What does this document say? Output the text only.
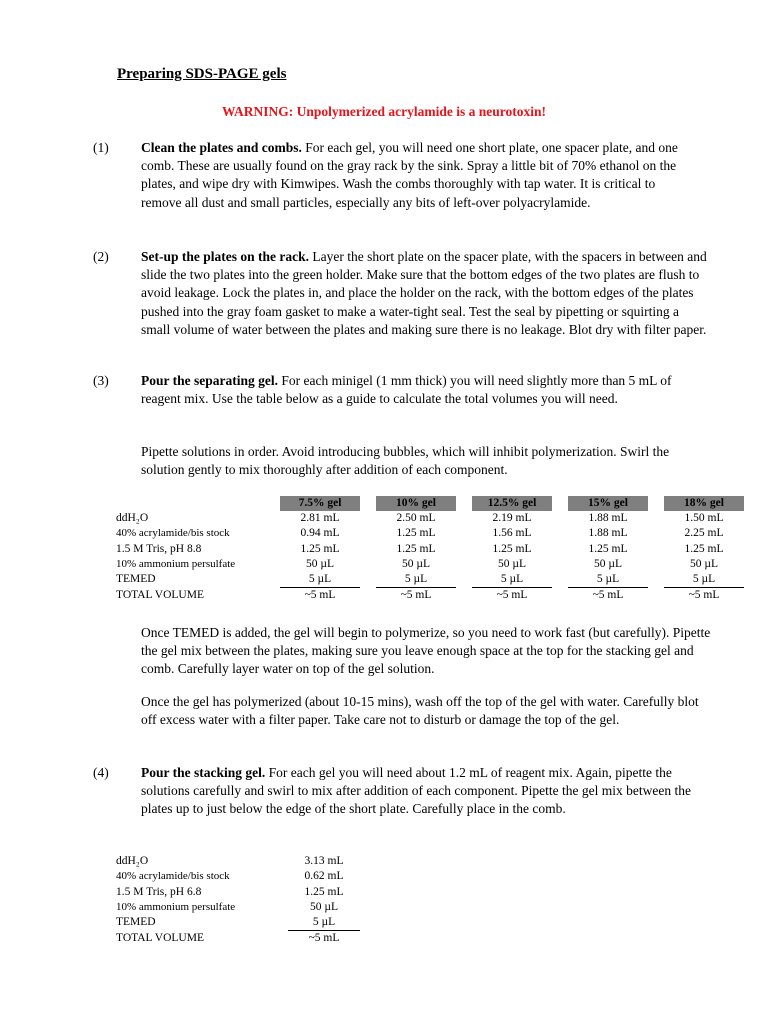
Preparing SDS-PAGE gels
WARNING: Unpolymerized acrylamide is a neurotoxin!
(1) Clean the plates and combs. For each gel, you will need one short plate, one spacer plate, and one comb. These are usually found on the gray rack by the sink. Spray a little bit of 70% ethanol on the plates, and wipe dry with Kimwipes. Wash the combs thoroughly with tap water. It is critical to remove all dust and small particles, especially any bits of left-over polyacrylamide.
(2) Set-up the plates on the rack. Layer the short plate on the spacer plate, with the spacers in between and slide the two plates into the green holder. Make sure that the bottom edges of the two plates are flush to avoid leakage. Lock the plates in, and place the holder on the rack, with the bottom edges of the plates pushed into the gray foam gasket to make a water-tight seal. Test the seal by pipetting or squirting a small volume of water between the plates and making sure there is no leakage. Blot dry with filter paper.
(3) Pour the separating gel. For each minigel (1 mm thick) you will need slightly more than 5 mL of reagent mix. Use the table below as a guide to calculate the total volumes you will need.
Pipette solutions in order. Avoid introducing bubbles, which will inhibit polymerization. Swirl the solution gently to mix thoroughly after addition of each component.
	7.5% gel		10% gel		12.5% gel		15% gel		18% gel
ddH₂O	2.81 mL		2.50 mL		2.19 mL		1.88 mL		1.50 mL
40% acrylamide/bis stock	0.94 mL		1.25 mL		1.56 mL		1.88 mL		2.25 mL
1.5 M Tris, pH 8.8	1.25 mL		1.25 mL		1.25 mL		1.25 mL		1.25 mL
10% ammonium persulfate	50 µL		50 µL		50 µL		50 µL		50 µL
TEMED	5 µL		5 µL		5 µL		5 µL		5 µL
TOTAL VOLUME	~5 mL		~5 mL		~5 mL		~5 mL		~5 mL
Once TEMED is added, the gel will begin to polymerize, so you need to work fast (but carefully). Pipette the gel mix between the plates, making sure you leave enough space at the top for the stacking gel and comb. Carefully layer water on top of the gel solution.
Once the gel has polymerized (about 10-15 mins), wash off the top of the gel with water. Carefully blot off excess water with a filter paper. Take care not to disturb or damage the top of the gel.
(4) Pour the stacking gel. For each gel you will need about 1.2 mL of reagent mix. Again, pipette the solutions carefully and swirl to mix after addition of each component. Pipette the gel mix between the plates up to just below the edge of the short plate. Carefully place in the comb.
ddH₂O	3.13 mL
40% acrylamide/bis stock	0.62 mL
1.5 M Tris, pH 6.8	1.25 mL
10% ammonium persulfate	50 µL
TEMED	5 µL
TOTAL VOLUME	~5 mL
